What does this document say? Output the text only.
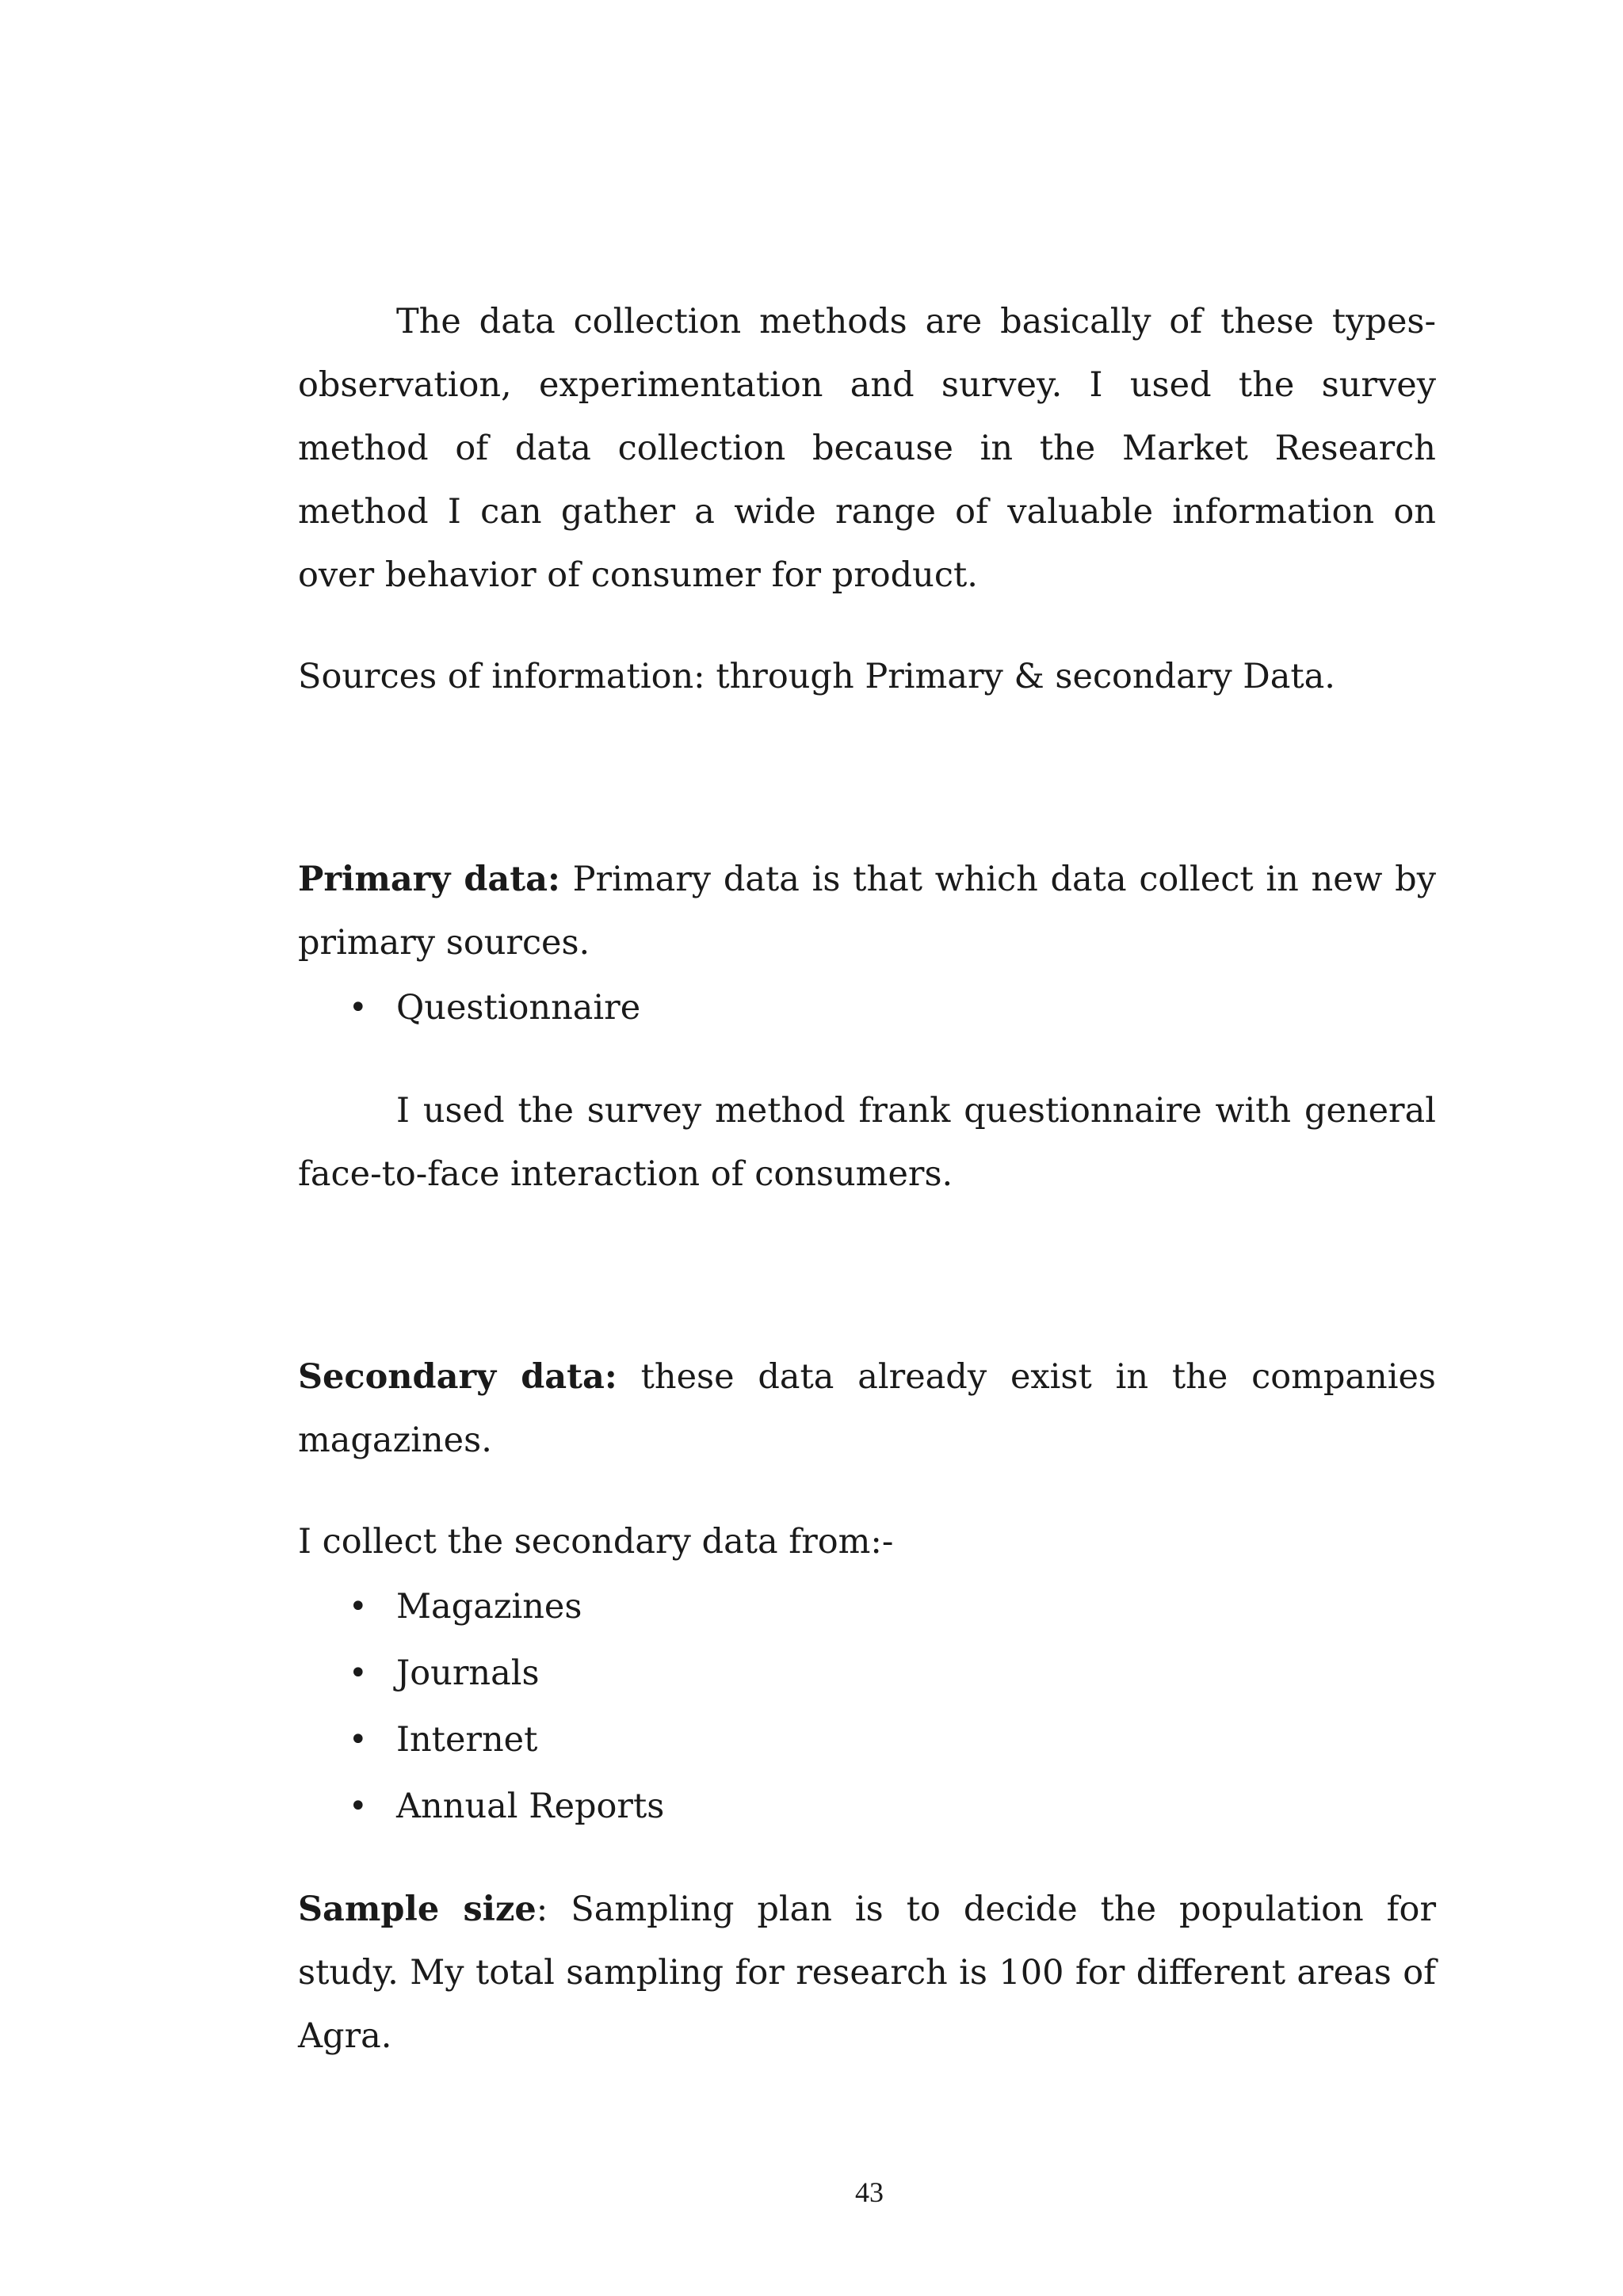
The data collection methods are basically of these types- observation, experimentation and survey. I used the survey method of data collection because in the Market Research method I can gather a wide range of valuable information on over behavior of consumer for product.

Sources of information: through Primary & secondary Data.

Primary data: Primary data is that which data collect in new by primary sources.

• Questionnaire

I used the survey method frank questionnaire with general face-to-face interaction of consumers.

Secondary data: these data already exist in the companies magazines.

I collect the secondary data from:-

• Magazines
• Journals
• Internet
• Annual Reports

Sample size: Sampling plan is to decide the population for study. My total sampling for research is 100 for different areas of Agra.

43
